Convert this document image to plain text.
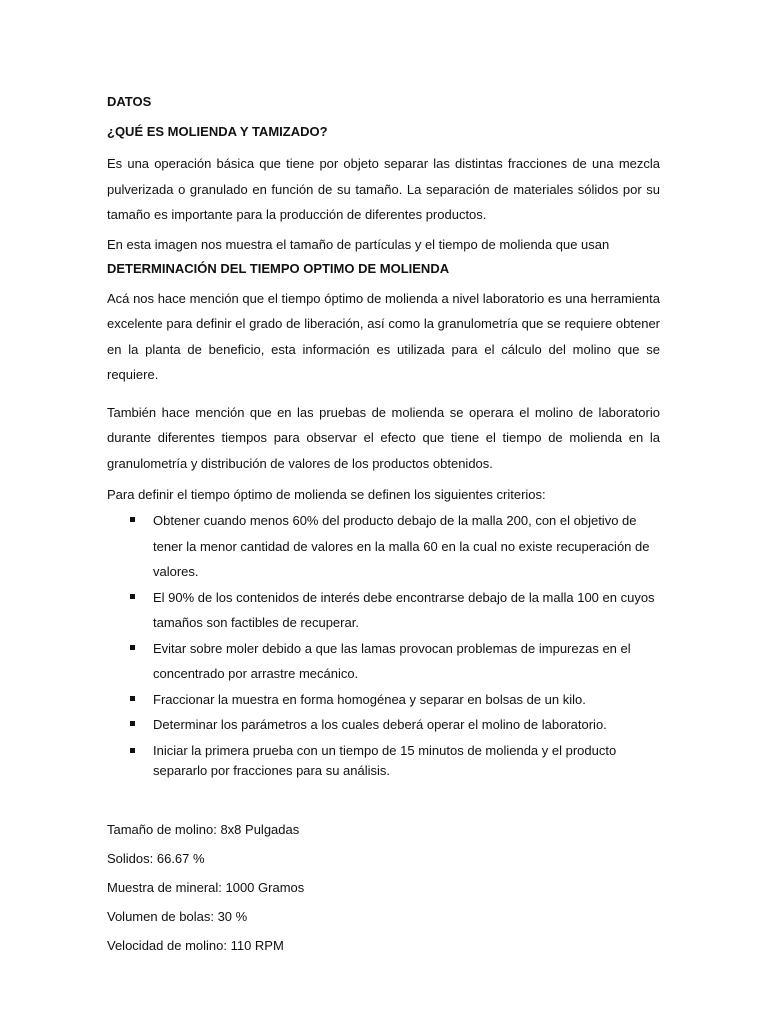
DATOS

¿QUÉ ES MOLIENDA Y TAMIZADO?

Es una operación básica que tiene por objeto separar las distintas fracciones de una mezcla pulverizada o granulado en función de su tamaño. La separación de materiales sólidos por su tamaño es importante para la producción de diferentes productos.

En esta imagen nos muestra el tamaño de partículas y el tiempo de molienda que usan

DETERMINACIÓN DEL TIEMPO OPTIMO DE MOLIENDA

Acá nos hace mención que el tiempo óptimo de molienda a nivel laboratorio es una herramienta excelente para definir el grado de liberación, así como la granulometría que se requiere obtener en la planta de beneficio, esta información es utilizada para el cálculo del molino que se requiere.

También hace mención que en las pruebas de molienda se operara el molino de laboratorio durante diferentes tiempos para observar el efecto que tiene el tiempo de molienda en la granulometría y distribución de valores de los productos obtenidos.

Para definir el tiempo óptimo de molienda se definen los siguientes criterios:

Obtener cuando menos 60% del producto debajo de la malla 200, con el objetivo de tener la menor cantidad de valores en la malla 60 en la cual no existe recuperación de valores.
El 90% de los contenidos de interés debe encontrarse debajo de la malla 100 en cuyos tamaños son factibles de recuperar.
Evitar sobre moler debido a que las lamas provocan problemas de impurezas en el concentrado por arrastre mecánico.
Fraccionar la muestra en forma homogénea y separar en bolsas de un kilo.
Determinar los parámetros a los cuales deberá operar el molino de laboratorio.
Iniciar la primera prueba con un tiempo de 15 minutos de molienda y el producto separarlo por fracciones para su análisis.

Tamaño de molino: 8x8 Pulgadas

Solidos: 66.67 %

Muestra de mineral: 1000 Gramos

Volumen de bolas: 30 %

Velocidad de molino: 110 RPM
